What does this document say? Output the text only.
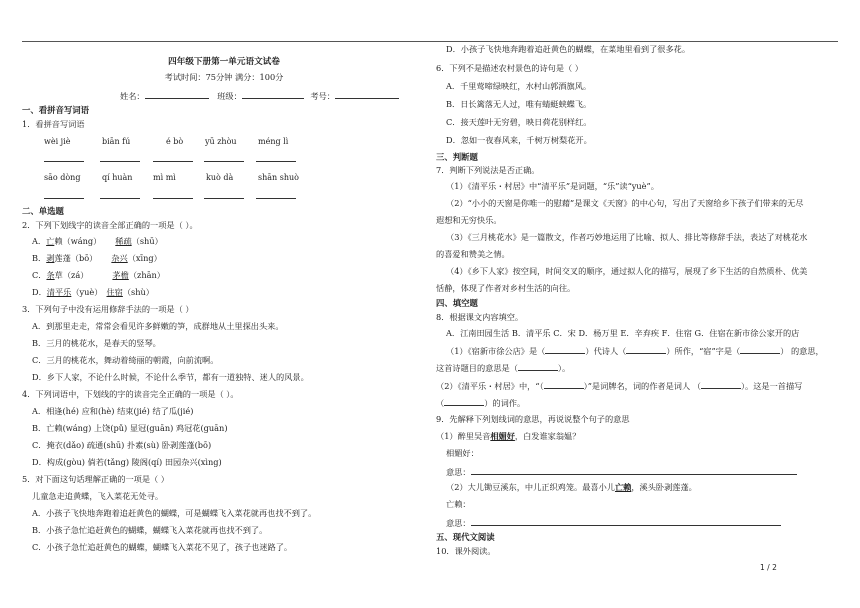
四年级下册第一单元语文试卷
考试时间：75分钟 满分：100分
姓名：	班级：	考号：
一、看拼音写词语
1．看拼音写词语
wèi jiè	biān fú	é bò	yū zhòu	méng lì
sāo dòng	qí huàn	mì mì	kuò dà	shān shuò
二、单选题
2．下列下划线字的读音全部正确的一项是（ ）。
A．亡赖（wáng） 稀疏（shū）
B．剥莲蓬（bō） 杂兴（xīng）
C．条草（zá）	茅檐（zhān）
D．清平乐（yuè） 住宿（shù）
3．下列句子中没有运用修辞手法的一项是（ ）
A．到那里走走，常常会看见许多鲜嫩的笋，成群地从土里探出头来。
B．三月的桃花水，是春天的竖琴。
C．三月的桃花水，舞动着绮丽的朝霞，向前流啊。
D．乡下人家，不论什么时候，不论什么季节，都有一道独特、迷人的风景。
4．下列词语中，下划线的字的读音完全正确的一项是（ ）。
A．相逢(hé) 应和(hè) 结束(jié) 结了瓜(jié)
B．亡赖(wáng) 上饶(pǔ) 显冠(guān) 鸡冠花(guān)
C．掩衣(dǎo) 疏通(shū) 扑素(sù) 卧剥莲蓬(bō)
D．构成(gòu) 倘若(tǎng) 陵阁(qí) 田园杂兴(xìng)
5．对下面这句话理解正确的一项是（ ）
儿童急走追黄蝶，飞入菜花无处寻。
A．小孩子飞快地奔跑着追赶黄色的蝴蝶，可是蝴蝶飞入菜花就再也找不到了。
B．小孩子急忙追赶黄色的蝴蝶，蝴蝶飞入菜花就再也找不到了。
C．小孩子急忙追赶黄色的蝴蝶，蝴蝶飞入菜花不见了，孩子也迷路了。
D．小孩子飞快地奔跑着追赶黄色的蝴蝶，在菜地里看到了很多花。
6．下列不是描述农村景色的诗句是（ ）
A．千里莺啼绿映红，水村山郭酒旗风。
B．日长篱落无人过，唯有蜻蜓蛱蝶飞。
C．接天莲叶无穷碧，映日荷花别样红。
D．忽如一夜春风来，千树万树梨花开。
三、判断题
7．判断下列说法是否正确。
（1）《清平乐・村居》中“清平乐”是词题，“乐”读“yuè”。
（2）“小小的天窗是你唯一的慰藉”是课文《天窗》的中心句，写出了天窗给乡下孩子们带来的无尽
遐想和无穷快乐。
（3）《三月桃花水》是一篇散文，作者巧妙地运用了比喻、拟人、排比等修辞手法，表达了对桃花水
的喜爱和赞美之情。
（4）《乡下人家》按空间，时间交叉的顺序，通过拟人化的描写，展现了乡下生活的自然质朴、优美
恬静，体现了作者对乡村生活的向往。
四、填空题
8．根据课文内容填空。
A．江南田园生活 B．清平乐 C．宋 D．杨万里 E．辛弃疾 F．住宿 G．住宿在新市徐公家开的店
（1）《宿新市徐公店》是（	）代诗人（	）所作，“宿”字是（	） 的意思，
这首诗题目的意思是（	）。
（2）《清平乐・村居》中，“（	）”是词牌名，词的作者是词人 （	）。这是一首描写
（	）的词作。
9．先解释下列划线词的意思，再说说整个句子的意思
（1）醉里吴音相媚好，白发谁家翁媪？
相媚好：
意思：
（2）大儿锄豆溪东，中儿正织鸡笼。最喜小儿亡赖，溪头卧剥莲蓬。
亡赖：
意思：
五、现代文阅读
10．课外阅读。
1 / 2
